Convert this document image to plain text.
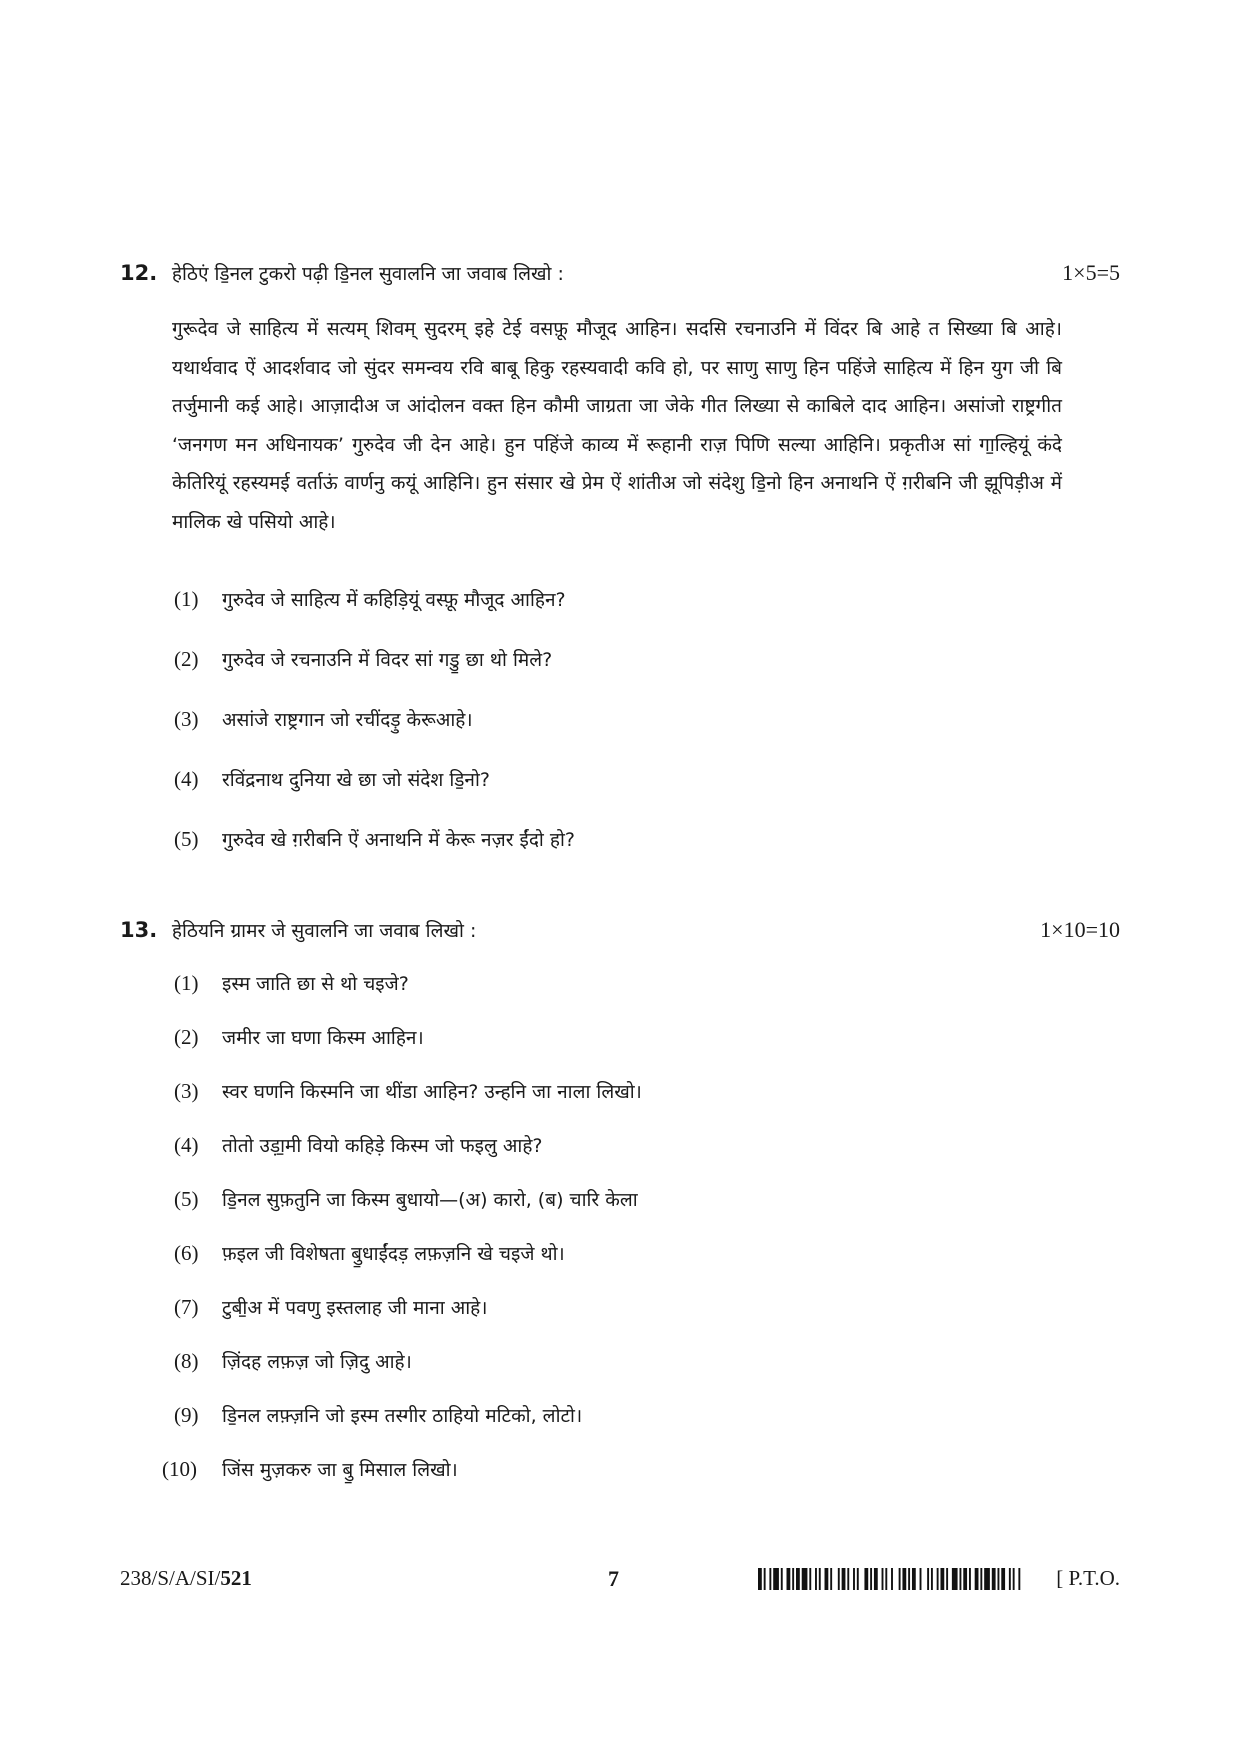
12. हेठिएं डि॒नल टुकरो पढ़ी डि॒नल सुवालनि जा जवाब लिखो :	1×5=5
गुरूदेव जे साहित्य में सत्यम् शिवम् सुदरम् इहे टेई वसफ़ू मौजूद आहिन। सदसि रचनाउनि में विंदर बि आहे त सिख्या बि आहे। यथार्थवाद ऐं आदर्शवाद जो सुंदर समन्वय रवि बाबू हिकु रहस्यवादी कवि हो, पर साणु साणु हिन पहिंजे साहित्य में हिन युग जी बि तर्जुमानी कई आहे। आज़ादीअ ज आंदोलन वक्त हिन कौमी जाग्रता जा जेके गीत लिख्या से काबिले दाद आहिन। असांजो राष्ट्रगीत ‘जनगण मन अधिनायक’ गुरुदेव जी देन आहे। हुन पहिंजे काव्य में रूहानी राज़ पिणि सल्या आहिनि। प्रकृतीअ सां गा॒ल्हियूं कंदे केतिरियूं रहस्यमई वर्ताऊं वार्णनु कयूं आहिनि। हुन संसार खे प्रेम ऐं शांतीअ जो संदेशु डि॒नो हिन अनाथनि ऐं ग़रीबनि जी झूपिड़ीअ में मालिक खे पसियो आहे।
(1) गुरुदेव जे साहित्य में कहिड़ियूं वस्फ़ू मौजूद आहिन?
(2) गुरुदेव जे रचनाउनि में विदर सां गडु॒ छा थो मिले?
(3) असांजे राष्ट्रगान जो रचींदड़ु केरूआहे।
(4) रविंद्रनाथ दुनिया खे छा जो संदेश डि॒नो?
(5) गुरुदेव खे ग़रीबनि ऐं अनाथनि में केरू नज़र ईंदो हो?
13. हेठियनि ग्रामर जे सुवालनि जा जवाब लिखो :	1×10=10
(1) इस्म जाति छा से थो चइजे?
(2) जमीर जा घणा किस्म आहिन।
(3) स्वर घणनि किस्मनि जा थींडा आहिन? उन्हनि जा नाला लिखो।
(4) तोतो उड़ा॒मी वियो कहिड़े किस्म जो फइलु आहे?
(5) डि॒नल सुफ़तुनि जा किस्म बुधायो—(अ) कारो, (ब) चारि केला
(6) फ़इल जी विशेषता बु॒धाईंदड़ लफ़ज़नि खे चइजे थो।
(7) टुबी॒अ में पवणु इस्तलाह जी माना आहे।
(8) ज़िंदह लफ़ज़ जो ज़िदु आहे।
(9) डि॒नल लफ़्ज़नि जो इस्म तस्गीर ठाहियो मटिको, लोटो।
(10) जिंस मुज़करु जा बु॒ मिसाल लिखो।
238/S/A/SI/521	7	[ P.T.O.
